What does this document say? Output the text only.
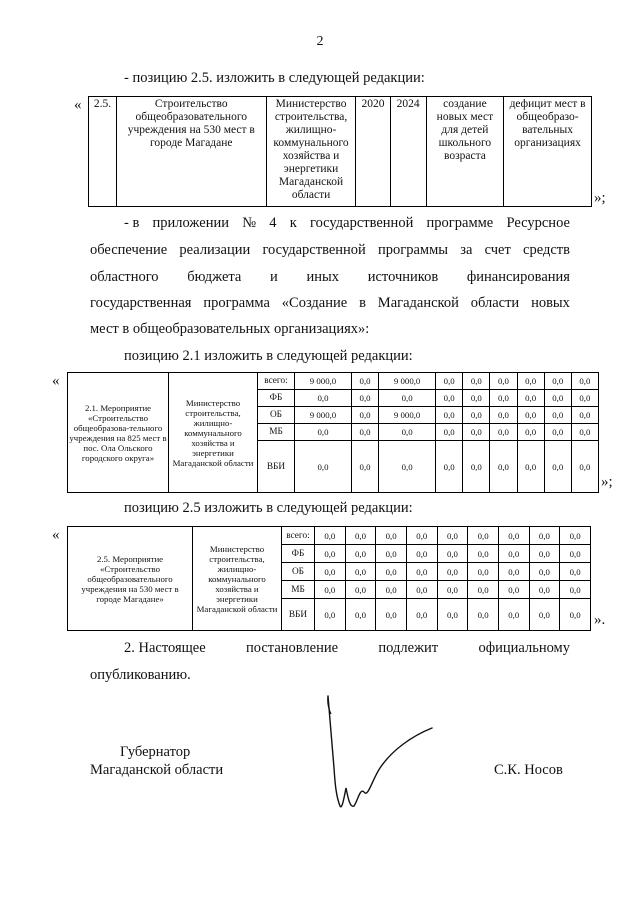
2
- позицию 2.5. изложить в следующей редакции:
« 2.5.	Строительство общеобразовательного учреждения на 530 мест в городе Магадане	Министерство строительства, жилищно-коммунального хозяйства и энергетики Магаданской области	2020	2024	создание новых мест для детей школьного возраста	дефицит мест в общеобразо-вательных организациях
»;
- в приложении № 4 к государственной программе Ресурсное
обеспечение реализации государственной программы за счет средств
областного бюджета и иных источников финансирования
государственная программа «Создание в Магаданской области новых
мест в общеобразовательных организациях»:
позицию 2.1 изложить в следующей редакции:
«
2.1. Мероприятие «Строительство общеобразова-тельного учреждения на 825 мест в пос. Ола Ольского городского округа»	Министерство строительства, жилищно-коммунального хозяйства и энергетики Магаданской области	всего:	9 000,0	0,0	9 000,0	0,0	0,0	0,0	0,0	0,0	0,0
		ФБ	0,0	0,0	0,0	0,0	0,0	0,0	0,0	0,0	0,0
		ОБ	9 000,0	0,0	9 000,0	0,0	0,0	0,0	0,0	0,0	0,0
		МБ	0,0	0,0	0,0	0,0	0,0	0,0	0,0	0,0	0,0
		ВБИ	0,0	0,0	0,0	0,0	0,0	0,0	0,0	0,0	0,0
»;
позицию 2.5 изложить в следующей редакции:
«
2.5. Мероприятие «Строительство общеобразовательного учреждения на 530 мест в городе Магадане»	Министерство строительства, жилищно-коммунального хозяйства и энергетики Магаданской области	всего:	0,0	0,0	0,0	0,0	0,0	0,0	0,0	0,0	0,0
		ФБ	0,0	0,0	0,0	0,0	0,0	0,0	0,0	0,0	0,0
		ОБ	0,0	0,0	0,0	0,0	0,0	0,0	0,0	0,0	0,0
		МБ	0,0	0,0	0,0	0,0	0,0	0,0	0,0	0,0	0,0
		ВБИ	0,0	0,0	0,0	0,0	0,0	0,0	0,0	0,0	0,0 ».
2. Настоящее	постановление	подлежит	официальному
опубликованию.
Губернатор
Магаданской области	С.К. Носов
